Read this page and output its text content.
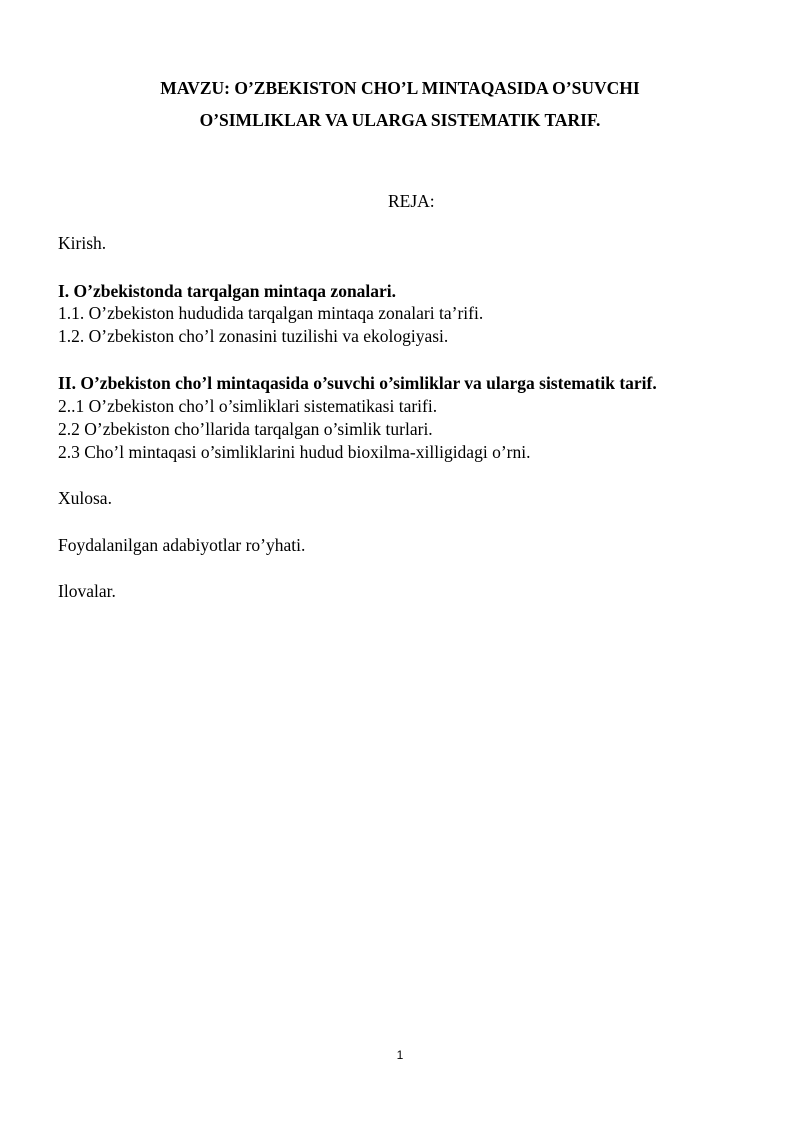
MAVZU: O’ZBEKISTON CHO’L MINTAQASIDA O’SUVCHI
O’SIMLIKLAR VA ULARGA SISTEMATIK TARIF.
REJA:
Kirish.
I. O’zbekistonda tarqalgan mintaqa zonalari.
1.1. O’zbekiston hududida tarqalgan mintaqa zonalari ta’rifi.
1.2. O’zbekiston cho’l zonasini tuzilishi va ekologiyasi.
II. O’zbekiston cho’l mintaqasida o’suvchi o’simliklar va ularga sistematik tarif.
2..1 O’zbekiston cho’l o’simliklari sistematikasi tarifi.
2.2 O’zbekiston cho’llarida tarqalgan o’simlik turlari.
2.3 Cho’l mintaqasi o’simliklarini hudud bioxilma-xilligidagi o’rni.
Xulosa.
Foydalanilgan adabiyotlar ro’yhati.
Ilovalar.
1
